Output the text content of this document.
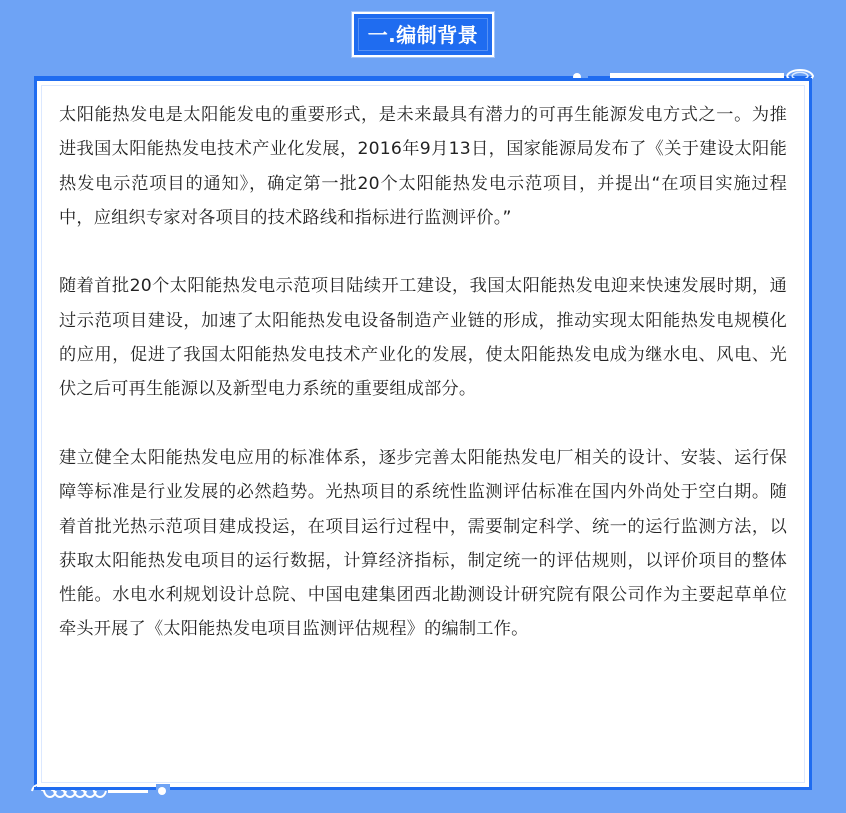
一.编制背景

太阳能热发电是太阳能发电的重要形式，是未来最具有潜力的可再生能源发电方式之一。为推进我国太阳能热发电技术产业化发展，2016年9月13日，国家能源局发布了《关于建设太阳能热发电示范项目的通知》，确定第一批20个太阳能热发电示范项目，并提出“在项目实施过程中，应组织专家对各项目的技术路线和指标进行监测评价。”

随着首批20个太阳能热发电示范项目陆续开工建设，我国太阳能热发电迎来快速发展时期，通过示范项目建设，加速了太阳能热发电设备制造产业链的形成，推动实现太阳能热发电规模化的应用，促进了我国太阳能热发电技术产业化的发展，使太阳能热发电成为继水电、风电、光伏之后可再生能源以及新型电力系统的重要组成部分。

建立健全太阳能热发电应用的标准体系，逐步完善太阳能热发电厂相关的设计、安装、运行保障等标准是行业发展的必然趋势。光热项目的系统性监测评估标准在国内外尚处于空白期。随着首批光热示范项目建成投运，在项目运行过程中，需要制定科学、统一的运行监测方法，以获取太阳能热发电项目的运行数据，计算经济指标，制定统一的评估规则，以评价项目的整体性能。水电水利规划设计总院、中国电建集团西北勘测设计研究院有限公司作为主要起草单位牵头开展了《太阳能热发电项目监测评估规程》的编制工作。
